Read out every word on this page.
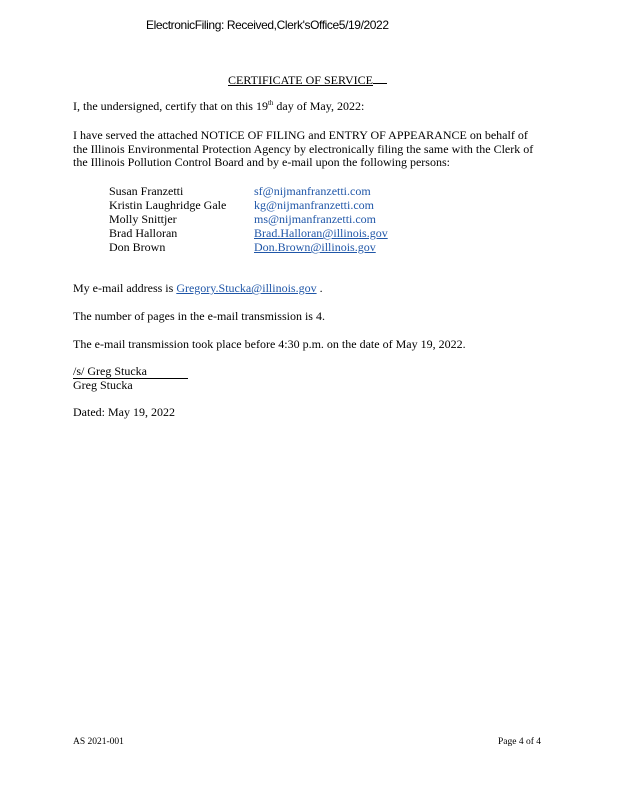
ElectronicFiling: Received,Clerk'sOffice5/19/2022
CERTIFICATE OF SERVICE
I, the undersigned, certify that on this 19th day of May, 2022:
I have served the attached NOTICE OF FILING and ENTRY OF APPEARANCE on behalf of
the Illinois Environmental Protection Agency by electronically filing the same with the Clerk of
the Illinois Pollution Control Board and by e-mail upon the following persons:
Susan Franzetti	sf@nijmanfranzetti.com
Kristin Laughridge Gale	kg@nijmanfranzetti.com
Molly Snittjer	ms@nijmanfranzetti.com
Brad Halloran	Brad.Halloran@illinois.gov
Don Brown	Don.Brown@illinois.gov
My e-mail address is Gregory.Stucka@illinois.gov .
The number of pages in the e-mail transmission is 4.
The e-mail transmission took place before 4:30 p.m. on the date of May 19, 2022.
/s/ Greg Stucka
Greg Stucka
Dated: May 19, 2022
AS 2021-001	Page 4 of 4
